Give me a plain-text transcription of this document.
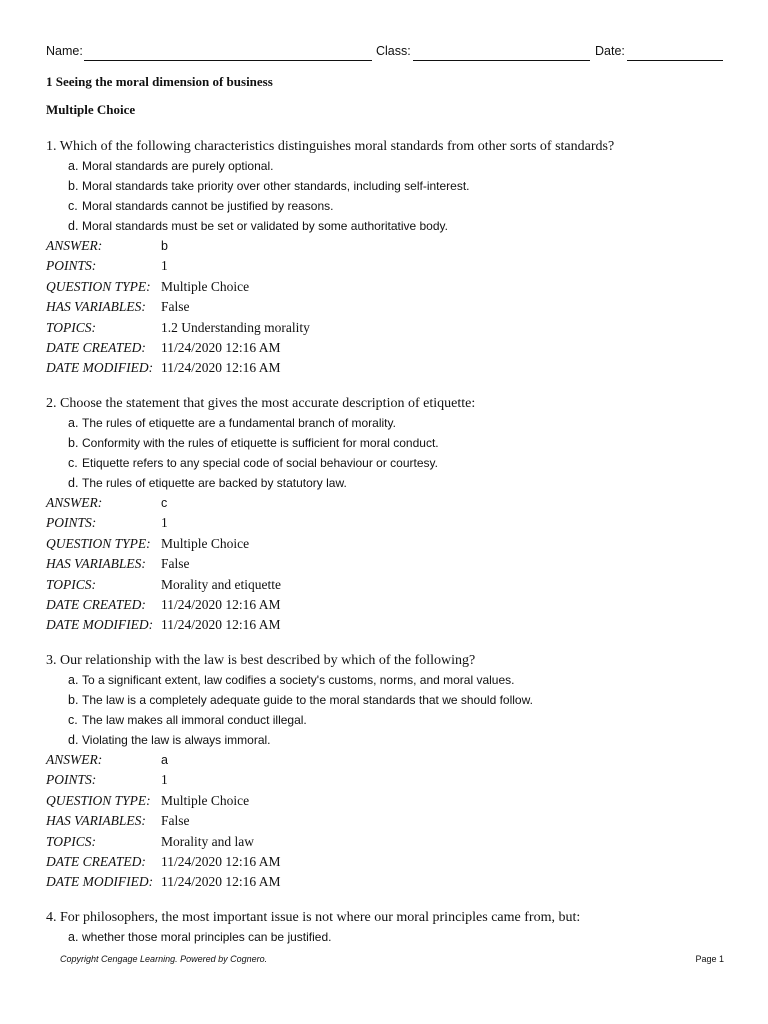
Name:	Class:	Date:
1 Seeing the moral dimension of business
Multiple Choice
1. Which of the following characteristics distinguishes moral standards from other sorts of standards?
a. Moral standards are purely optional.
b. Moral standards take priority over other standards, including self-interest.
c. Moral standards cannot be justified by reasons.
d. Moral standards must be set or validated by some authoritative body.
ANSWER:	b
POINTS:	1
QUESTION TYPE: Multiple Choice
HAS VARIABLES: False
TOPICS:	1.2 Understanding morality
DATE CREATED: 11/24/2020 12:16 AM
DATE MODIFIED: 11/24/2020 12:16 AM
2. Choose the statement that gives the most accurate description of etiquette:
a. The rules of etiquette are a fundamental branch of morality.
b. Conformity with the rules of etiquette is sufficient for moral conduct.
c. Etiquette refers to any special code of social behaviour or courtesy.
d. The rules of etiquette are backed by statutory law.
ANSWER:	c
POINTS:	1
QUESTION TYPE: Multiple Choice
HAS VARIABLES: False
TOPICS:	Morality and etiquette
DATE CREATED: 11/24/2020 12:16 AM
DATE MODIFIED: 11/24/2020 12:16 AM
3. Our relationship with the law is best described by which of the following?
a. To a significant extent, law codifies a society's customs, norms, and moral values.
b. The law is a completely adequate guide to the moral standards that we should follow.
c. The law makes all immoral conduct illegal.
d. Violating the law is always immoral.
ANSWER:	a
POINTS:	1
QUESTION TYPE: Multiple Choice
HAS VARIABLES: False
TOPICS:	Morality and law
DATE CREATED: 11/24/2020 12:16 AM
DATE MODIFIED: 11/24/2020 12:16 AM
4. For philosophers, the most important issue is not where our moral principles came from, but:
a. whether those moral principles can be justified.
Copyright Cengage Learning. Powered by Cognero.	Page 1
